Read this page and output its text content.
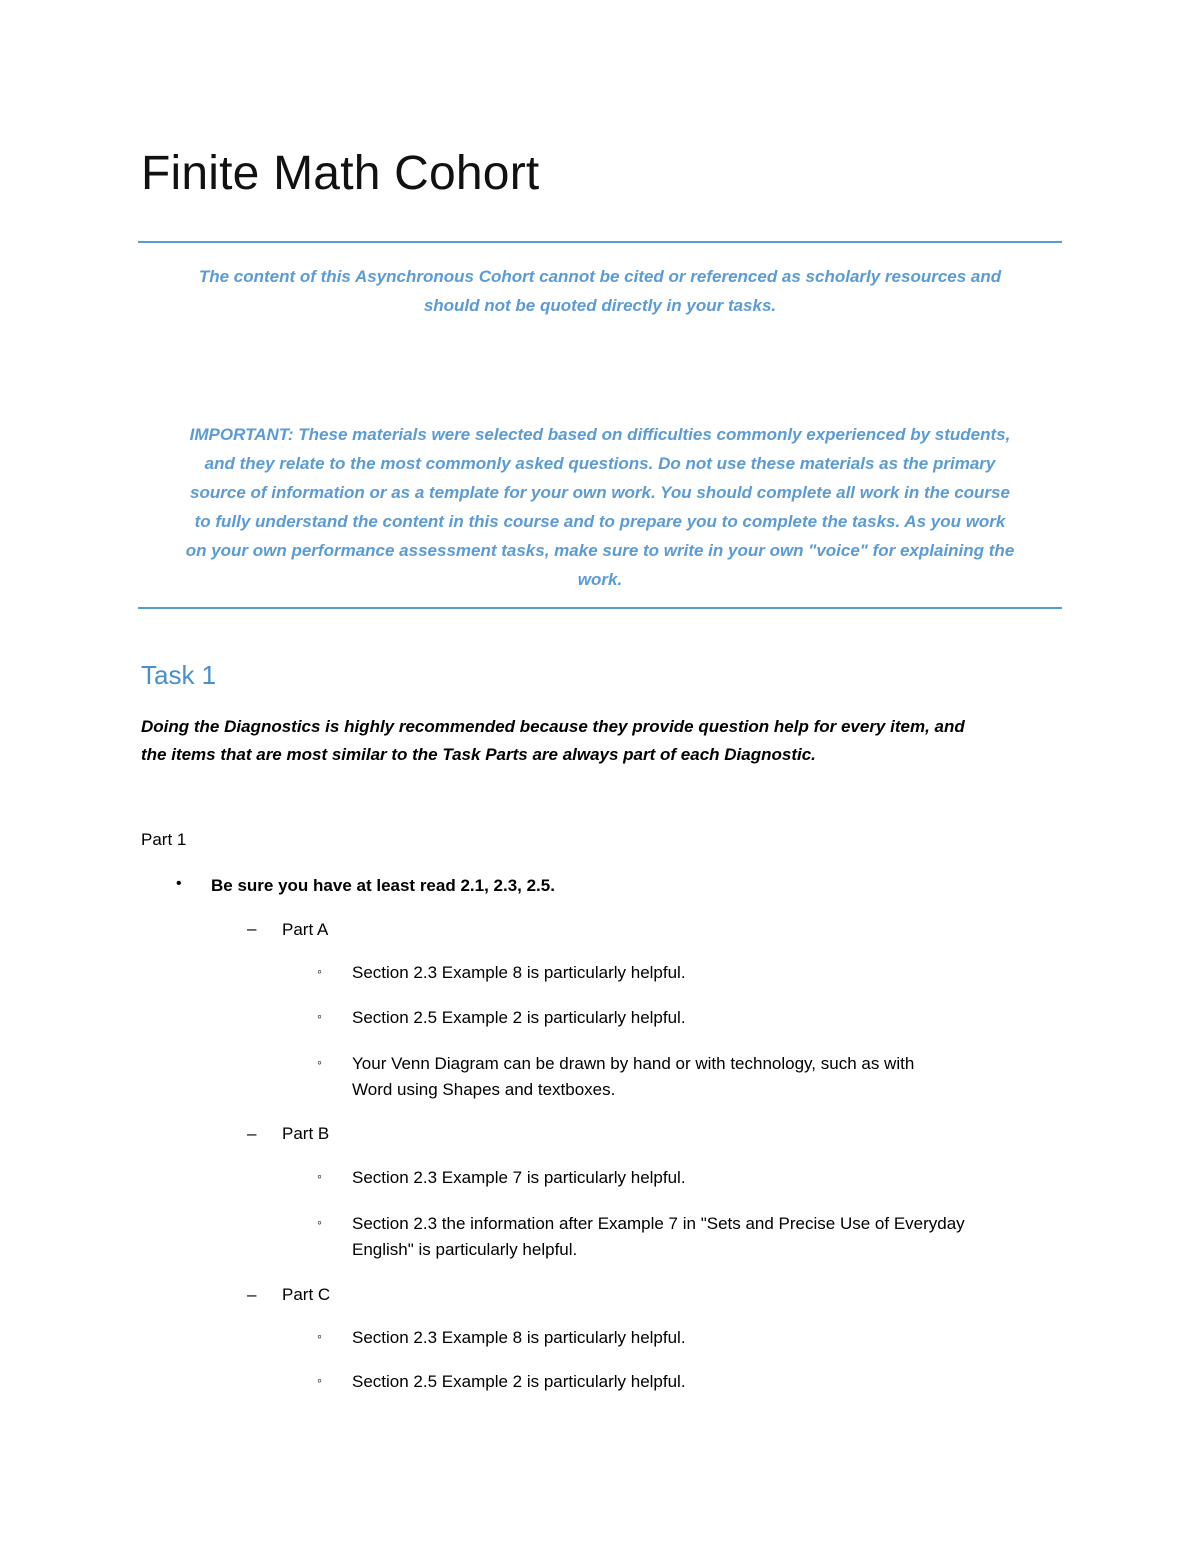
Finite Math Cohort
The content of this Asynchronous Cohort cannot be cited or referenced as scholarly resources and
should not be quoted directly in your tasks.
IMPORTANT: These materials were selected based on difficulties commonly experienced by students,
and they relate to the most commonly asked questions. Do not use these materials as the primary
source of information or as a template for your own work. You should complete all work in the course
to fully understand the content in this course and to prepare you to complete the tasks. As you work
on your own performance assessment tasks, make sure to write in your own "voice" for explaining the
work.
Task 1
Doing the Diagnostics is highly recommended because they provide question help for every item, and
the items that are most similar to the Task Parts are always part of each Diagnostic.
Part 1
• Be sure you have at least read 2.1, 2.3, 2.5.
– Part A
◦ Section 2.3 Example 8 is particularly helpful.
◦ Section 2.5 Example 2 is particularly helpful.
◦ Your Venn Diagram can be drawn by hand or with technology, such as with
Word using Shapes and textboxes.
– Part B
◦ Section 2.3 Example 7 is particularly helpful.
◦ Section 2.3 the information after Example 7 in "Sets and Precise Use of Everyday
English" is particularly helpful.
– Part C
◦ Section 2.3 Example 8 is particularly helpful.
◦ Section 2.5 Example 2 is particularly helpful.
